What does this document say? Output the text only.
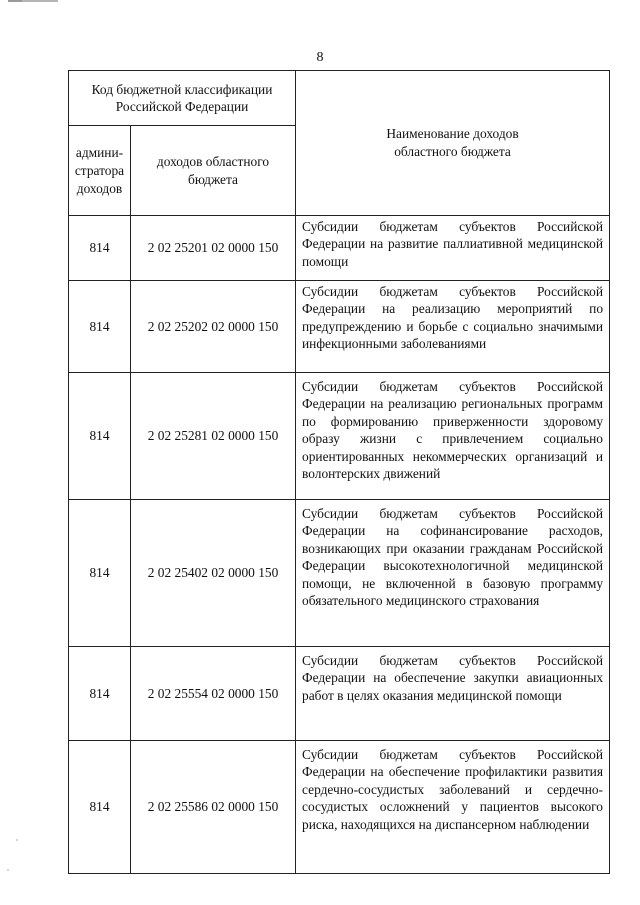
8
Код бюджетной классификации Российской Федерации		Наименование доходов областного бюджета

админи-стратора доходов	доходов областного бюджета	

814	2 02 25201 02 0000 150	Субсидии бюджетам субъектов Российской Федерации на развитие паллиативной медицинской помощи
814	2 02 25202 02 0000 150	Субсидии бюджетам субъектов Российской Федерации на реализацию мероприятий по предупреждению и борьбе с социально значимыми инфекционными заболеваниями
814	2 02 25281 02 0000 150	Субсидии бюджетам субъектов Российской Федерации на реализацию региональных программ по формированию приверженности здоровому образу жизни с привлечением социально ориентированных некоммерческих организаций и волонтерских движений
814	2 02 25402 02 0000 150	Субсидии бюджетам субъектов Российской Федерации на софинансирование расходов, возникающих при оказании гражданам Российской Федерации высокотехнологичной медицинской помощи, не включенной в базовую программу обязательного медицинского страхования
814	2 02 25554 02 0000 150	Субсидии бюджетам субъектов Российской Федерации на обеспечение закупки авиационных работ в целях оказания медицинской помощи
814	2 02 25586 02 0000 150	Субсидии бюджетам субъектов Российской Федерации на обеспечение профилактики развития сердечно-сосудистых заболеваний и сердечно-сосудистых осложнений у пациентов высокого риска, находящихся на диспансерном наблюдении
